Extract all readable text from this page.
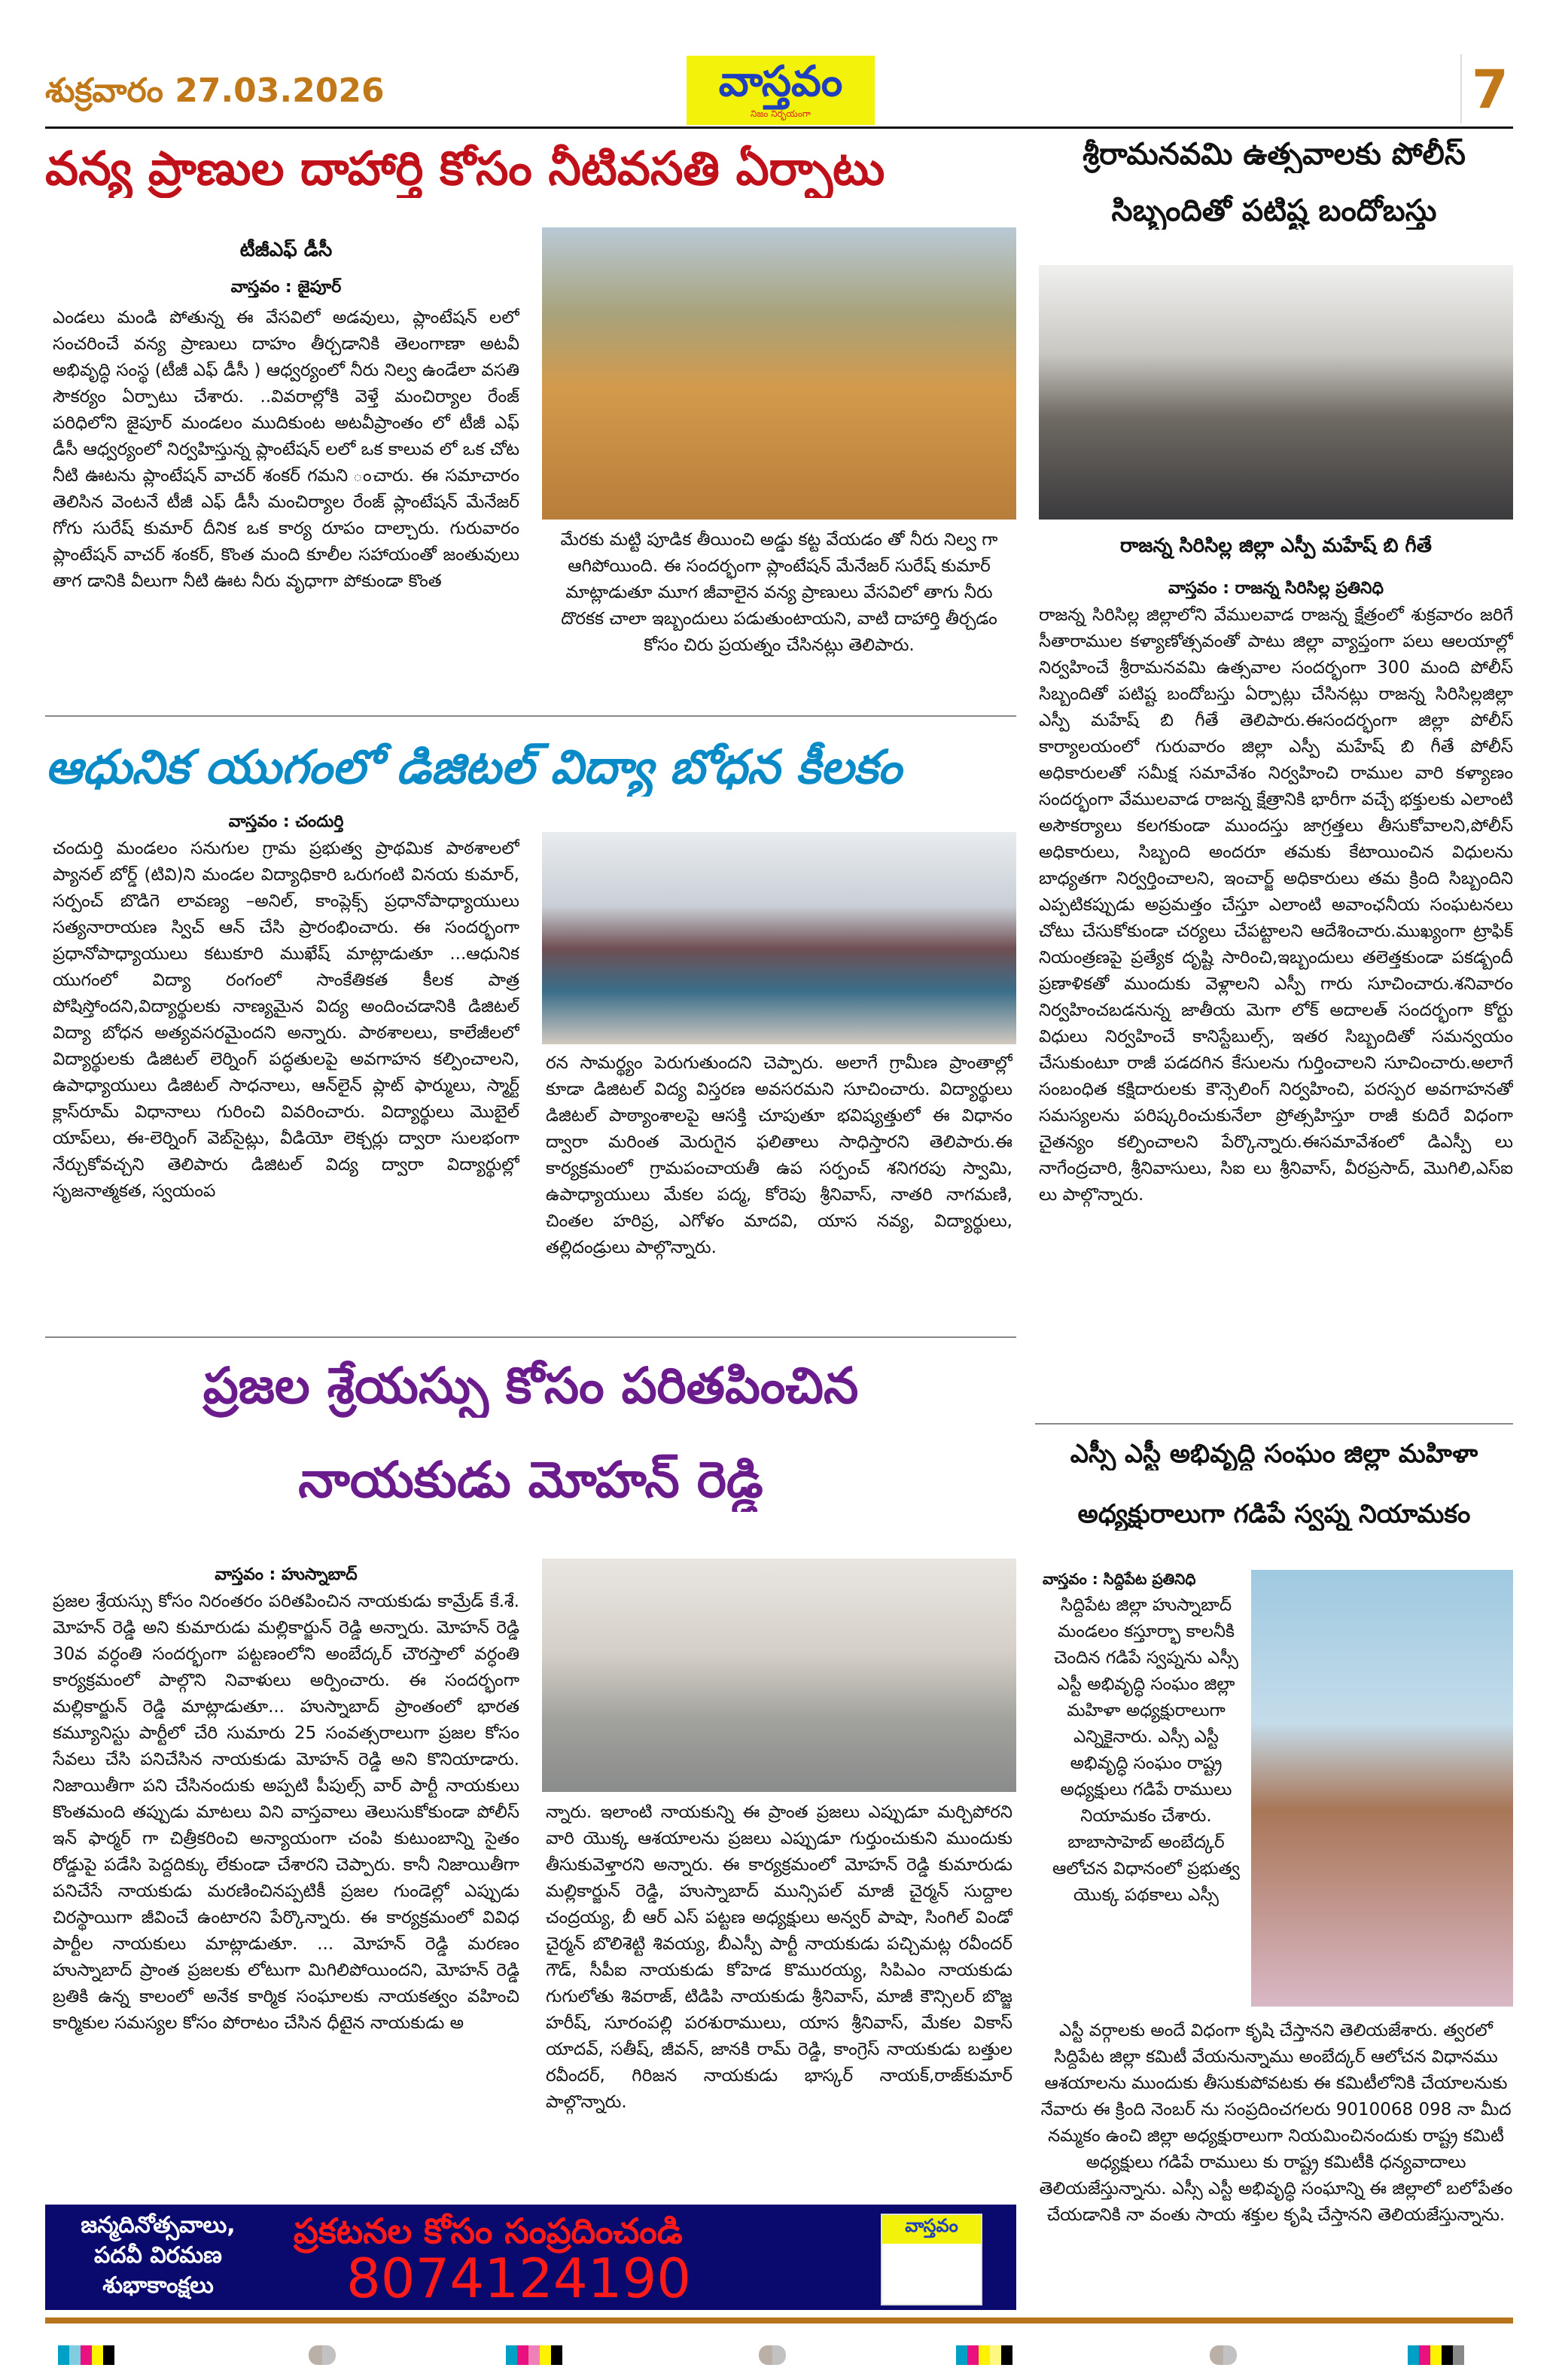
శుక్రవారం 27.03.2026	వాస్తవం
నిజం నిర్భయంగా	7
వన్య ప్రాణుల దాహార్తి కోసం నీటివసతి ఏర్పాటు
టీజీఎఫ్ డీసీ
వాస్తవం : జైపూర్
ఎండలు మండి పోతున్న ఈ వేసవిలో అడవులు, ప్లాంటేషన్ లలో సంచరించే వన్య ప్రాణులు దాహం తీర్చడానికి తెలంగాణా అటవీ అభివృద్ధి సంస్థ (టీజీ ఎఫ్ డీసీ ) ఆధ్వర్యంలో నీరు నిల్వ ఉండేలా వసతి సౌకర్యం ఏర్పాటు చేశారు. ..వివరాల్లోకి వెళ్తే మంచిర్యాల రేంజ్ పరిధిలోని జైపూర్ మండలం ముదికుంట అటవీప్రాంతం లో టీజీ ఎఫ్ డీసీ ఆధ్వర్యంలో నిర్వహిస్తున్న ప్లాంటేషన్ లలో ఒక కాలువ లో ఒక చోట నీటి ఊటను ప్లాంటేషన్ వాచర్ శంకర్ గమని ంచారు. ఈ సమాచారం తెలిసిన వెంటనే టీజీ ఎఫ్ డీసీ మంచిర్యాల రేంజ్ ప్లాంటేషన్ మేనేజర్ గోగు సురేష్ కుమార్ దీనిక ఒక కార్య రూపం దాల్చారు. గురువారం ప్లాంటేషన్ వాచర్ శంకర్, కొంత మంది కూలీల సహాయంతో జంతువులు తాగ డానికి వీలుగా నీటి ఊట నీరు వృధాగా పోకుండా కొంత
మేరకు మట్టి పూడిక తీయించి అడ్డు కట్ట వేయడం తో నీరు నిల్వ గా ఆగిపోయింది. ఈ సందర్భంగా ప్లాంటేషన్ మేనేజర్ సురేష్ కుమార్ మాట్లాడుతూ మూగ జీవాలైన వన్య ప్రాణులు వేసవిలో తాగు నీరు దొరకక చాలా ఇబ్బందులు పడుతుంటాయని, వాటి దాహార్తి తీర్చడం కోసం చిరు ప్రయత్నం చేసినట్లు తెలిపారు.
ఆధునిక యుగంలో డిజిటల్ విద్యా బోధన కీలకం
వాస్తవం : చందుర్తి
చందుర్తి మండలం సనుగుల గ్రామ ప్రభుత్వ ప్రాథమిక పాఠశాలలో ప్యానల్ బోర్డ్ (టివి)ని మండల విద్యాధికారి ఒరుగంటి వినయ కుమార్, సర్పంచ్ బొడిగె లావణ్య –అనిల్, కాంప్లెక్స్ ప్రధానోపాధ్యాయులు సత్యనారాయణ స్విచ్ ఆన్ చేసి ప్రారంభించారు. ఈ సందర్భంగా ప్రధానోపాధ్యాయులు కటుకూరి ముఖేష్ మాట్లాడుతూ ...ఆధునిక యుగంలో విద్యా రంగంలో సాంకేతికత కీలక పాత్ర పోషిస్తోందని,విద్యార్థులకు నాణ్యమైన విద్య అందించడానికి డిజిటల్ విద్యా బోధన అత్యవసరమైందని అన్నారు. పాఠశాలలు, కాలేజీలలో విద్యార్థులకు డిజిటల్ లెర్నింగ్ పద్ధతులపై అవగాహన కల్పించాలని, ఉపాధ్యాయులు డిజిటల్ సాధనాలు, ఆన్‌లైన్ ప్లాట్ ఫార్ములు, స్మార్ట్ క్లాస్‌రూమ్ విధానాలు గురించి వివరించారు. విద్యార్థులు మొబైల్ యాప్‌లు, ఈ-లెర్నింగ్ వెబ్‌సైట్లు, వీడియో లెక్చర్లు ద్వారా సులభంగా నేర్చుకోవచ్చని తెలిపారు డిజిటల్ విద్య ద్వారా విద్యార్థుల్లో సృజనాత్మకత, స్వయంప
రన సామర్థ్యం పెరుగుతుందని చెప్పారు. అలాగే గ్రామీణ ప్రాంతాల్లో కూడా డిజిటల్ విద్య విస్తరణ అవసరమని సూచించారు. విద్యార్థులు డిజిటల్ పాఠ్యాంశాలపై ఆసక్తి చూపుతూ భవిష్యత్తులో ఈ విధానం ద్వారా మరింత మెరుగైన ఫలితాలు సాధిస్తారని తెలిపారు.ఈ కార్యక్రమంలో గ్రామపంచాయతీ ఉప సర్పంచ్ శనిగరపు స్వామి, ఉపాధ్యాయులు మేకల పద్మ, కోరెపు శ్రీనివాస్, నాతరి నాగమణి, చింతల హరిప్ర, ఎగోళం మాదవి, యాస నవ్య, విద్యార్థులు, తల్లిదండ్రులు పాల్గొన్నారు.
ప్రజల శ్రేయస్సు కోసం పరితపించిన
నాయకుడు మోహన్ రెడ్డి
వాస్తవం : హుస్నాబాద్
ప్రజల శ్రేయస్సు కోసం నిరంతరం పరితపించిన నాయకుడు కామ్రేడ్ కే.శే. మోహన్ రెడ్డి అని కుమారుడు మల్లికార్జున్ రెడ్డి అన్నారు. మోహన్ రెడ్డి 30వ వర్ధంతి సందర్భంగా పట్టణంలోని అంబేద్కర్ చౌరస్తాలో వర్ధంతి కార్యక్రమంలో పాల్గొని నివాళులు అర్పించారు. ఈ సందర్భంగా మల్లికార్జున్ రెడ్డి మాట్లాడుతూ... హుస్నాబాద్ ప్రాంతంలో భారత కమ్యూనిస్టు పార్టీలో చేరి సుమారు 25 సంవత్సరాలుగా ప్రజల కోసం సేవలు చేసి పనిచేసిన నాయకుడు మోహన్ రెడ్డి అని కొనియాడారు. నిజాయితీగా పని చేసినందుకు అప్పటి పీపుల్స్ వార్ పార్టీ నాయకులు కొంతమంది తప్పుడు మాటలు విని వాస్తవాలు తెలుసుకోకుండా పోలీస్ ఇన్ ఫార్మర్ గా చిత్రీకరించి అన్యాయంగా చంపి కుటుంబాన్ని సైతం రోడ్డుపై పడేసి పెద్దదిక్కు లేకుండా చేశారని చెప్పారు. కానీ నిజాయితీగా పనిచేసే నాయకుడు మరణించినప్పటికీ ప్రజల గుండెల్లో ఎప్పుడు చిరస్థాయిగా జీవించే ఉంటారని పేర్కొన్నారు. ఈ కార్యక్రమంలో వివిధ పార్టీల నాయకులు మాట్లాడుతూ. ... మోహన్ రెడ్డి మరణం హుస్నాబాద్ ప్రాంత ప్రజలకు లోటుగా మిగిలిపోయిందని, మోహన్ రెడ్డి బ్రతికి ఉన్న కాలంలో అనేక కార్మిక సంఘాలకు నాయకత్వం వహించి కార్మికుల సమస్యల కోసం పోరాటం చేసిన ధీటైన నాయకుడు అ
న్నారు. ఇలాంటి నాయకున్ని ఈ ప్రాంత ప్రజలు ఎప్పుడూ మర్చిపోరని వారి యొక్క ఆశయాలను ప్రజలు ఎప్పుడూ గుర్తుంచుకుని ముందుకు తీసుకువెళ్తారని అన్నారు. ఈ కార్యక్రమంలో మోహన్ రెడ్డి కుమారుడు మల్లికార్జున్ రెడ్డి, హుస్నాబాద్ మున్సిపల్ మాజీ చైర్మన్ సుద్దాల చంద్రయ్య, బీ ఆర్ ఎస్ పట్టణ అధ్యక్షులు అన్వర్ పాషా, సింగిల్ విండో చైర్మన్ బొలిశెట్టి శివయ్య, బీఎస్పీ పార్టీ నాయకుడు పచ్చిమట్ల రవీందర్ గౌడ్, సీపీఐ నాయకుడు కోహెడ కొమురయ్య, సిపిఎం నాయకుడు గుగులోతు శివరాజ్, టిడిపి నాయకుడు శ్రీనివాస్, మాజీ కౌన్సిలర్ బొజ్జ హరీష్, సూరంపల్లి పరశురాములు, యాస శ్రీనివాస్, మేకల వికాస్ యాదవ్, సతీష్, జీవన్, జానకి రామ్ రెడ్డి, కాంగ్రెస్ నాయకుడు బత్తుల రవీందర్, గిరిజన నాయకుడు భాస్కర్ నాయక్,రాజ్‌కుమార్ పాల్గొన్నారు.
జన్మదినోత్సవాలు,
పదవీ విరమణ
శుభాకాంక్షలు
ప్రకటనల కోసం సంప్రదించండి
8074124190
వాస్తవం
శ్రీరామనవమి ఉత్సవాలకు పోలీస్
సిబ్బందితో పటిష్ట బందోబస్తు
రాజన్న సిరిసిల్ల జిల్లా ఎస్పీ మహేష్ బి గీతే
వాస్తవం : రాజన్న సిరిసిల్ల ప్రతినిధి
రాజన్న సిరిసిల్ల జిల్లాలోని వేములవాడ రాజన్న క్షేత్రంలో శుక్రవారం జరిగే సీతారాముల కళ్యాణోత్సవంతో పాటు జిల్లా వ్యాప్తంగా పలు ఆలయాల్లో నిర్వహించే శ్రీరామనవమి ఉత్సవాల సందర్భంగా 300 మంది పోలీస్ సిబ్బందితో పటిష్ట బందోబస్తు ఏర్పాట్లు చేసినట్లు రాజన్న సిరిసిల్లజిల్లా ఎస్పీ మహేష్ బి గీతే తెలిపారు.ఈసందర్భంగా జిల్లా పోలీస్ కార్యాలయంలో గురువారం జిల్లా ఎస్పీ మహేష్ బి గీతే పోలీస్ అధికారులతో సమీక్ష సమావేశం నిర్వహించి రాముల వారి కళ్యాణం సందర్భంగా వేములవాడ రాజన్న క్షేత్రానికి భారీగా వచ్చే భక్తులకు ఎలాంటి అసౌకర్యాలు కలగకుండా ముందస్తు జాగ్రత్తలు తీసుకోవాలని,పోలీస్ అధికారులు, సిబ్బంది అందరూ తమకు కేటాయించిన విధులను బాధ్యతగా నిర్వర్తించాలని, ఇంచార్జ్ అధికారులు తమ క్రింది సిబ్బందిని ఎప్పటికప్పుడు అప్రమత్తం చేస్తూ ఎలాంటి అవాంఛనీయ సంఘటనలు చోటు చేసుకోకుండా చర్యలు చేపట్టాలని ఆదేశించారు.ముఖ్యంగా ట్రాఫిక్ నియంత్రణపై ప్రత్యేక దృష్టి సారించి,ఇబ్బందులు తలెత్తకుండా పకడ్బందీ ప్రణాళికతో ముందుకు వెళ్లాలని ఎస్పీ గారు సూచించారు.శనివారం నిర్వహించబడనున్న జాతీయ మెగా లోక్ అదాలత్ సందర్భంగా కోర్టు విధులు నిర్వహించే కానిస్టేబుల్స్, ఇతర సిబ్బందితో సమన్వయం చేసుకుంటూ రాజీ పడదగిన కేసులను గుర్తించాలని సూచించారు.అలాగే సంబంధిత కక్షిదారులకు కౌన్సెలింగ్ నిర్వహించి, పరస్పర అవగాహనతో సమస్యలను పరిష్కరించుకునేలా ప్రోత్సహిస్తూ రాజీ కుదిరే విధంగా చైతన్యం కల్పించాలని పేర్కొన్నారు.ఈసమావేశంలో డిఎస్పీ లు నాగేంద్రచారి, శ్రీనివాసులు, సిఐ లు శ్రీనివాస్, వీరప్రసాద్, మొగిలి,ఎస్ఐ లు పాల్గొన్నారు.
ఎస్సీ ఎస్టీ అభివృద్ధి సంఘం జిల్లా మహిళా
అధ్యక్షురాలుగా గడిపే స్వప్న నియామకం
వాస్తవం : సిద్దిపేట ప్రతినిధి
సిద్దిపేట జిల్లా హుస్నాబాద్ మండలం కస్తూర్భా కాలనీకి చెందిన గడిపే స్వప్నను ఎస్సీ ఎస్టీ అభివృద్ధి సంఘం జిల్లా మహిళా అధ్యక్షురాలుగా ఎన్నికైనారు. ఎస్సీ ఎస్టీ అభివృద్ధి సంఘం రాష్ట్ర అధ్యక్షులు గడిపే రాములు నియామకం చేశారు. బాబాసాహెబ్ అంబేద్కర్ ఆలోచన విధానంలో ప్రభుత్వ యొక్క పథకాలు ఎస్సీ
ఎస్టీ వర్గాలకు అందే విధంగా కృషి చేస్తానని తెలియజేశారు. త్వరలో సిద్దిపేట జిల్లా కమిటీ వేయనున్నాము అంబేద్కర్ ఆలోచన విధానము ఆశయాలను ముందుకు తీసుకుపోవటకు ఈ కమిటీలోనికి చేయాలనుకు నేవారు ఈ క్రింది నెంబర్ ను సంప్రదించగలరు 9010068 098 నా మీద నమ్మకం ఉంచి జిల్లా అధ్యక్షురాలుగా నియమించినందుకు రాష్ట్ర కమిటీ అధ్యక్షులు గడిపే రాములు కు రాష్ట్ర కమిటీకి ధన్యవాదాలు తెలియజేస్తున్నాను. ఎస్సీ ఎస్టీ అభివృద్ధి సంఘాన్ని ఈ జిల్లాలో బలోపేతం చేయడానికి నా వంతు సాయ శక్తుల కృషి చేస్తానని తెలియజేస్తున్నాను.
